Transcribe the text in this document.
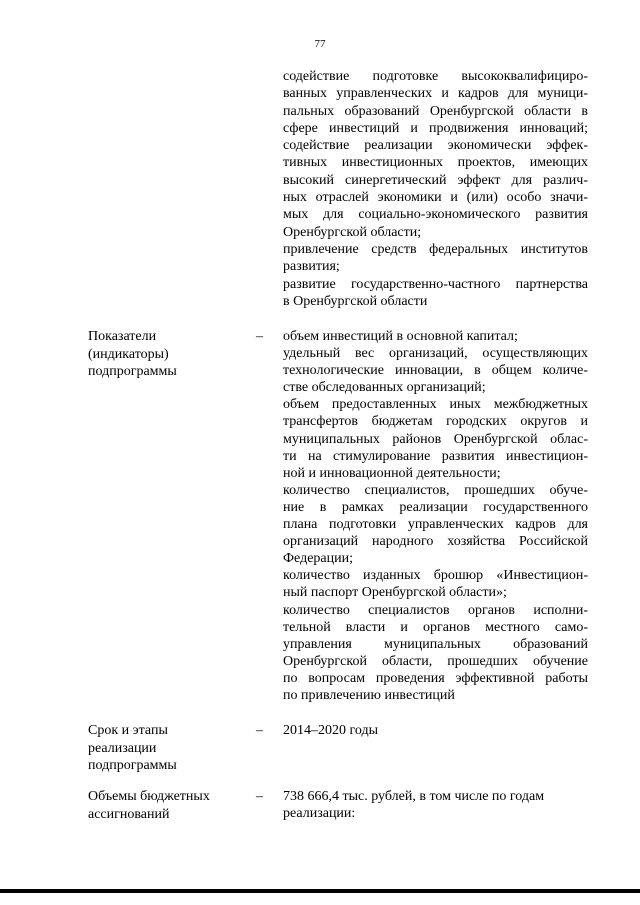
77
содействие подготовке высококвалифициро-
ванных управленческих и кадров для муници-
пальных образований Оренбургской области в
сфере инвестиций и продвижения инноваций;
содействие реализации экономически эффек-
тивных инвестиционных проектов, имеющих
высокий синергетический эффект для различ-
ных отраслей экономики и (или) особо значи-
мых для социально-экономического развития
Оренбургской области;
привлечение средств федеральных институтов
развития;
развитие государственно-частного партнерства
в Оренбургской области
Показатели
(индикаторы)
подпрограммы
–	объем инвестиций в основной капитал;
удельный вес организаций, осуществляющих
технологические инновации, в общем количе-
стве обследованных организаций;
объем предоставленных иных межбюджетных
трансфертов бюджетам городских округов и
муниципальных районов Оренбургской облас-
ти на стимулирование развития инвестицион-
ной и инновационной деятельности;
количество специалистов, прошедших обуче-
ние в рамках реализации государственного
плана подготовки управленческих кадров для
организаций народного хозяйства Российской
Федерации;
количество изданных брошюр «Инвестицион-
ный паспорт Оренбургской области»;
количество специалистов органов исполни-
тельной власти и органов местного само-
управления муниципальных образований
Оренбургской области, прошедших обучение
по вопросам проведения эффективной работы
по привлечению инвестиций
Срок и этапы
реализации
подпрограммы
–	2014–2020 годы
Объемы бюджетных
ассигнований
–	738 666,4 тыс. рублей, в том числе по годам
реализации:
